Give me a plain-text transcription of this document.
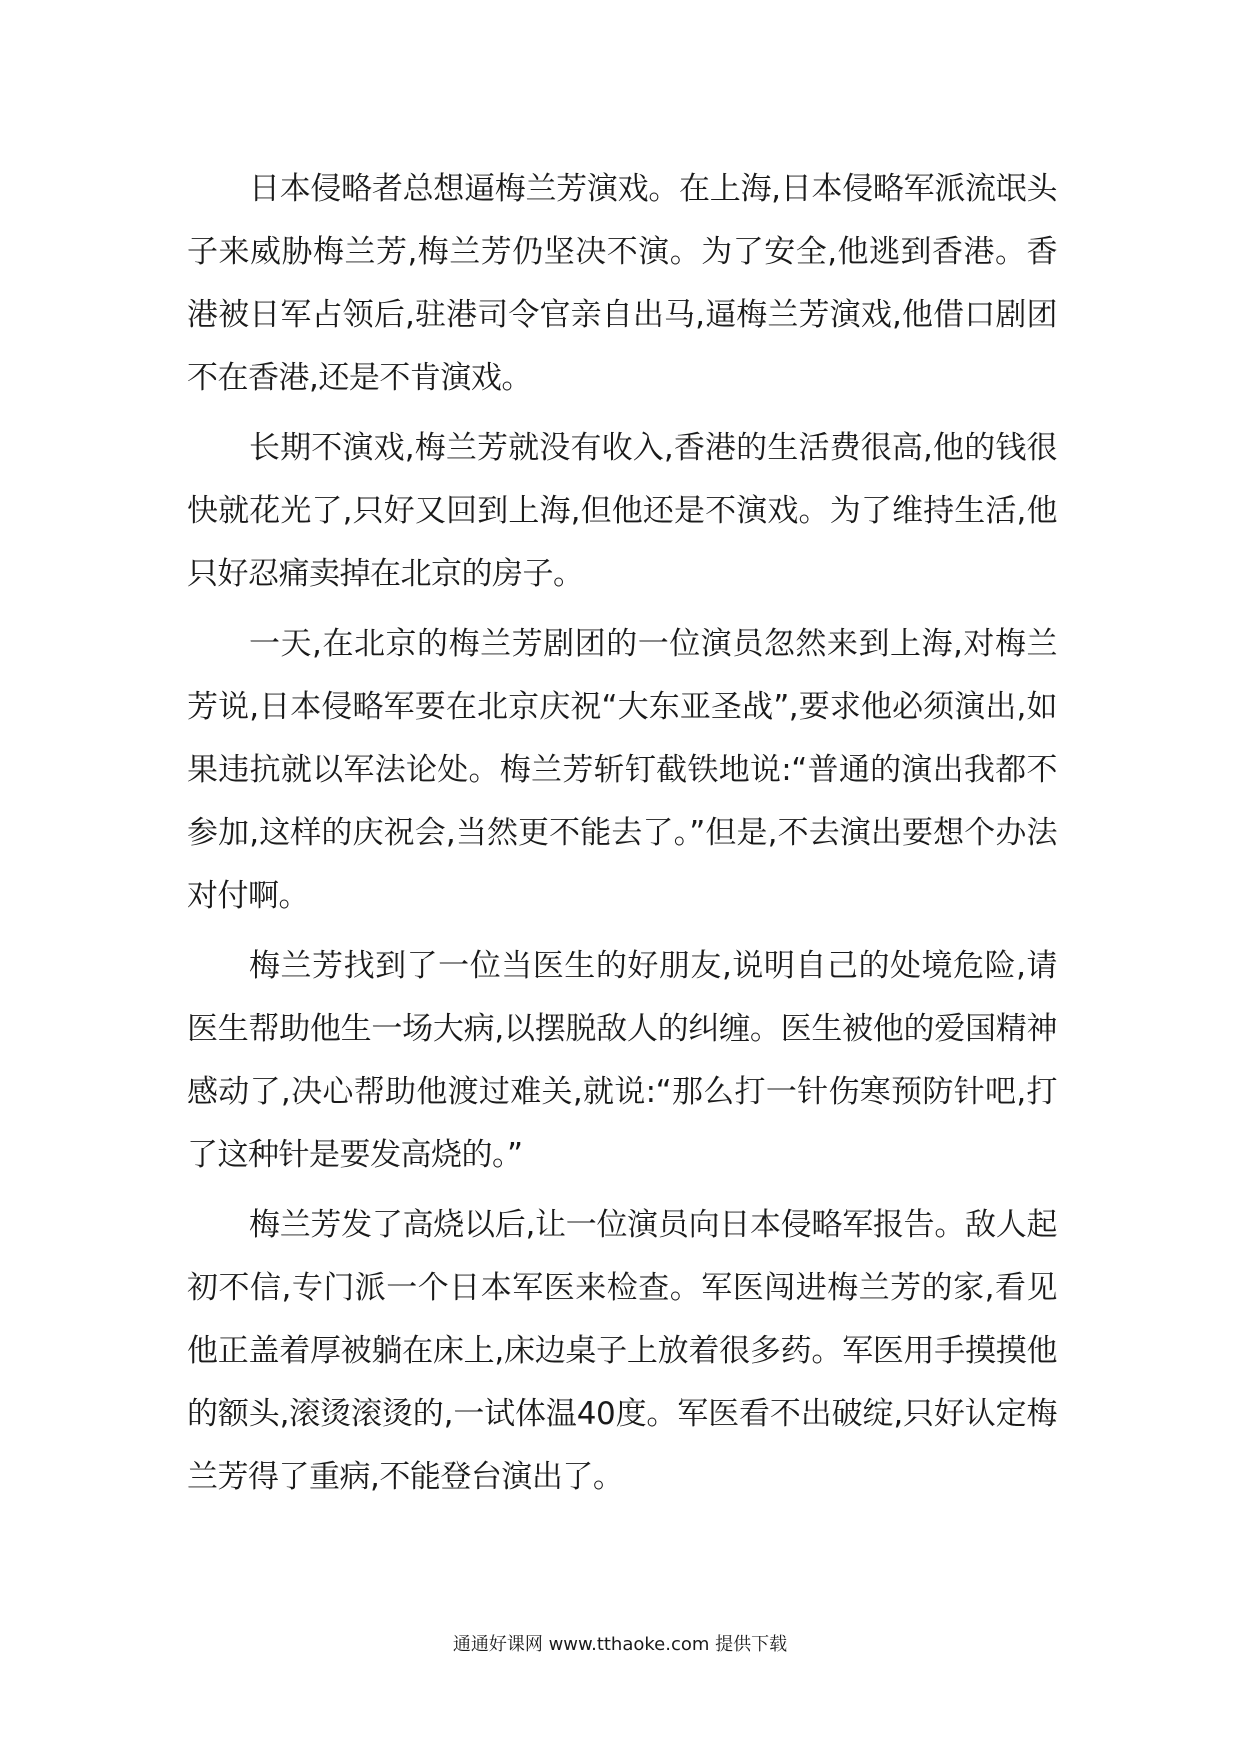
日本侵略者总想逼梅兰芳演戏。在上海,日本侵略军派流氓头子来威胁梅兰芳,梅兰芳仍坚决不演。为了安全,他逃到香港。香港被日军占领后,驻港司令官亲自出马,逼梅兰芳演戏,他借口剧团不在香港,还是不肯演戏。

长期不演戏,梅兰芳就没有收入,香港的生活费很高,他的钱很快就花光了,只好又回到上海,但他还是不演戏。为了维持生活,他只好忍痛卖掉在北京的房子。

一天,在北京的梅兰芳剧团的一位演员忽然来到上海,对梅兰芳说,日本侵略军要在北京庆祝“大东亚圣战”,要求他必须演出,如果违抗就以军法论处。梅兰芳斩钉截铁地说:“普通的演出我都不参加,这样的庆祝会,当然更不能去了。”但是,不去演出要想个办法对付啊。

梅兰芳找到了一位当医生的好朋友,说明自己的处境危险,请医生帮助他生一场大病,以摆脱敌人的纠缠。医生被他的爱国精神感动了,决心帮助他渡过难关,就说:“那么打一针伤寒预防针吧,打了这种针是要发高烧的。”

梅兰芳发了高烧以后,让一位演员向日本侵略军报告。敌人起初不信,专门派一个日本军医来检查。军医闯进梅兰芳的家,看见他正盖着厚被躺在床上,床边桌子上放着很多药。军医用手摸摸他的额头,滚烫滚烫的,一试体温40度。军医看不出破绽,只好认定梅兰芳得了重病,不能登台演出了。

通通好课网 www.tthaoke.com 提供下载
